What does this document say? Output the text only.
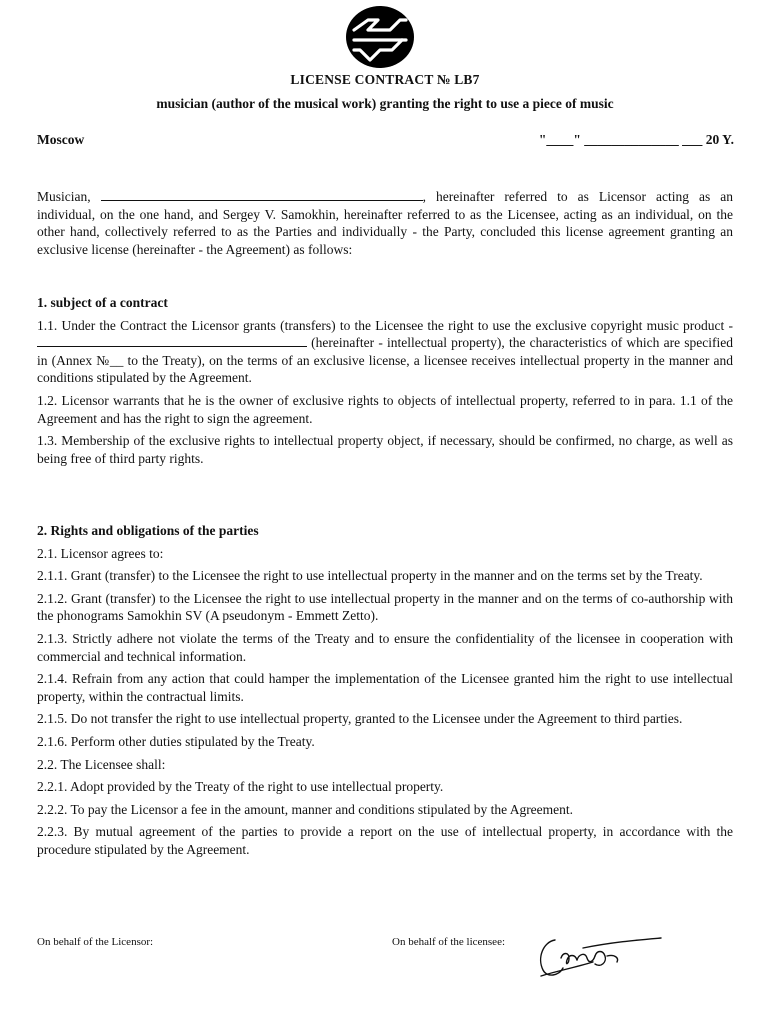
LICENSE CONTRACT № LB7
musician (author of the musical work) granting the right to use a piece of music
Moscow	"____" ______________ ___ 20 Y.

Musician,	, hereinafter referred to as Licensor acting as an individual, on the one hand, and Sergey V. Samokhin, hereinafter referred to as the Licensee, acting as an individual, on the other hand, collectively referred to as the Parties and individually - the Party, concluded this license agreement granting an exclusive license (hereinafter - the Agreement) as follows:

1. subject of a contract

1.1. Under the Contract the Licensor grants (transfers) to the Licensee the right to use the exclusive copyright music product -  (hereinafter - intellectual property), the characteristics of which are specified in (Annex №__ to the Treaty), on the terms of an exclusive license, a licensee receives intellectual property in the manner and conditions stipulated by the Agreement.

1.2. Licensor warrants that he is the owner of exclusive rights to objects of intellectual property, referred to in para. 1.1 of the Agreement and has the right to sign the agreement.

1.3. Membership of the exclusive rights to intellectual property object, if necessary, should be confirmed, no charge, as well as being free of third party rights.

2. Rights and obligations of the parties

2.1. Licensor agrees to:

2.1.1. Grant (transfer) to the Licensee the right to use intellectual property in the manner and on the terms set by the Treaty.

2.1.2. Grant (transfer) to the Licensee the right to use intellectual property in the manner and on the terms of co-authorship with the phonograms Samokhin SV (A pseudonym - Emmett Zetto).

2.1.3. Strictly adhere not violate the terms of the Treaty and to ensure the confidentiality of the licensee in cooperation with commercial and technical information.

2.1.4. Refrain from any action that could hamper the implementation of the Licensee granted him the right to use intellectual property, within the contractual limits.

2.1.5. Do not transfer the right to use intellectual property, granted to the Licensee under the Agreement to third parties.

2.1.6. Perform other duties stipulated by the Treaty.

2.2. The Licensee shall:

2.2.1. Adopt provided by the Treaty of the right to use intellectual property.

2.2.2. To pay the Licensor a fee in the amount, manner and conditions stipulated by the Agreement.

2.2.3. By mutual agreement of the parties to provide a report on the use of intellectual property, in accordance with the procedure stipulated by the Agreement.

On behalf of the Licensor:	On behalf of the licensee:
